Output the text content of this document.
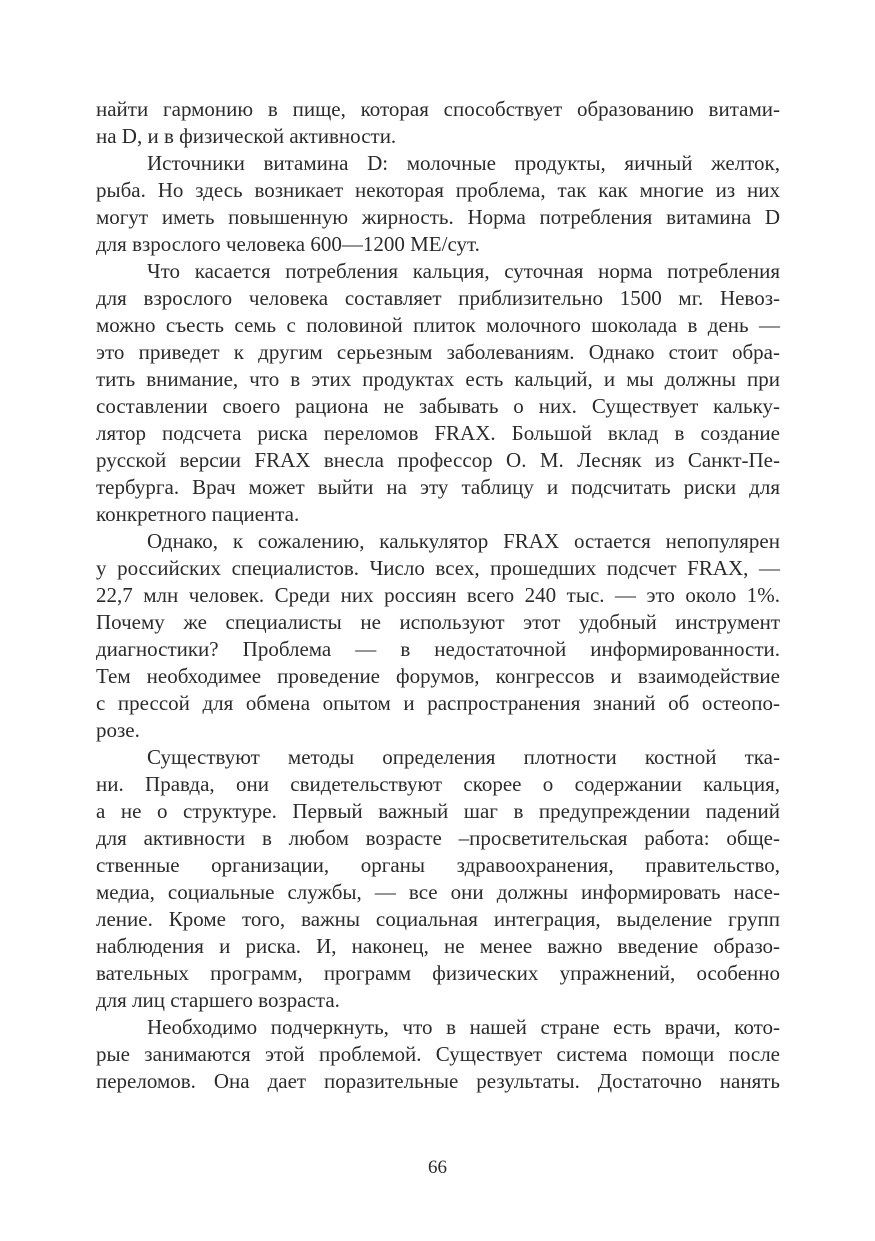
найти гармонию в пище, которая способствует образованию витами-
на D, и в физической активности.
Источники витамина D: молочные продукты, яичный желток,
рыба. Но здесь возникает некоторая проблема, так как многие из них
могут иметь повышенную жирность. Норма потребления витамина D
для взрослого человека 600—1200 МЕ/сут.
Что касается потребления кальция, суточная норма потребления
для взрослого человека составляет приблизительно 1500 мг. Невоз-
можно съесть семь с половиной плиток молочного шоколада в день —
это приведет к другим серьезным заболеваниям. Однако стоит обра-
тить внимание, что в этих продуктах есть кальций, и мы должны при
составлении своего рациона не забывать о них. Существует кальку-
лятор подсчета риска переломов FRAX. Большой вклад в создание
русской версии FRAX внесла профессор О. М. Лесняк из Санкт-Пе-
тербурга. Врач может выйти на эту таблицу и подсчитать риски для
конкретного пациента.
Однако, к сожалению, калькулятор FRAX остается непопулярен
у российских специалистов. Число всех, прошедших подсчет FRAX, —
22,7 млн человек. Среди них россиян всего 240 тыс. — это около 1%.
Почему же специалисты не используют этот удобный инструмент
диагностики? Проблема — в недостаточной информированности.
Тем необходимее проведение форумов, конгрессов и взаимодействие
с прессой для обмена опытом и распространения знаний об остеопо-
розе.
Существуют методы определения плотности костной тка-
ни. Правда, они свидетельствуют скорее о содержании кальция,
а не о структуре. Первый важный шаг в предупреждении падений
для активности в любом возрасте –просветительская работа: обще-
ственные организации, органы здравоохранения, правительство,
медиа, социальные службы, — все они должны информировать насе-
ление. Кроме того, важны социальная интеграция, выделение групп
наблюдения и риска. И, наконец, не менее важно введение образо-
вательных программ, программ физических упражнений, особенно
для лиц старшего возраста.
Необходимо подчеркнуть, что в нашей стране есть врачи, кото-
рые занимаются этой проблемой. Существует система помощи после
переломов. Она дает поразительные результаты. Достаточно нанять
66
